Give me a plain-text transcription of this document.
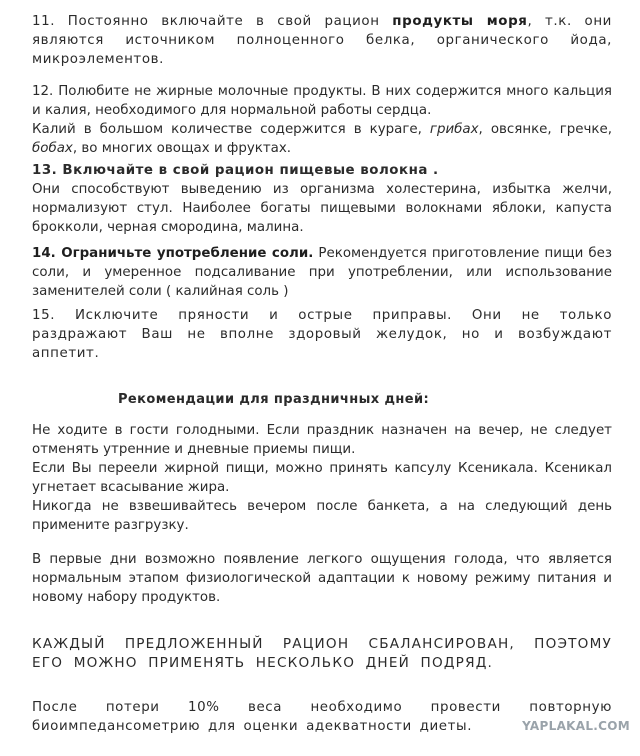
11. Постоянно включайте в свой рацион продукты моря, т.к. они являются источником полноценного белка, органического йода, микроэлементов.

12. Полюбите не жирные молочные продукты. В них содержится много кальция и калия, необходимого для нормальной работы сердца.

Калий в большом количестве содержится в кураге, грибах, овсянке, гречке, бобах, во многих овощах и фруктах.

13. Включайте в свой рацион пищевые волокна .

Они способствуют выведению из организма холестерина, избытка желчи, нормализуют стул. Наиболее богаты пищевыми волокнами яблоки, капуста брокколи, черная смородина, малина.

14. Ограничьте употребление соли. Рекомендуется приготовление пищи без соли, и умеренное подсаливание при употреблении, или использование заменителей соли ( калийная соль )

15. Исключите пряности и острые приправы. Они не только раздражают Ваш не вполне здоровый желудок, но и возбуждают аппетит.

Рекомендации для праздничных дней:

Не ходите в гости голодными. Если праздник назначен на вечер, не следует отменять утренние и дневные приемы пищи.
Если Вы переели жирной пищи, можно принять капсулу Ксеникала. Ксеникал угнетает всасывание жира.
Никогда не взвешивайтесь вечером после банкета, а на следующий день примените разгрузку.

В первые дни возможно появление легкого ощущения голода, что является нормальным этапом физиологической адаптации к новому режиму питания и новому набору продуктов.

КАЖДЫЙ ПРЕДЛОЖЕННЫЙ РАЦИОН СБАЛАНСИРОВАН, ПОЭТОМУ ЕГО МОЖНО ПРИМЕНЯТЬ НЕСКОЛЬКО ДНЕЙ ПОДРЯД.

После потери 10% веса необходимо провести повторную биоимпедансометрию для оценки адекватности диеты.	YAPLAKAL.COM
